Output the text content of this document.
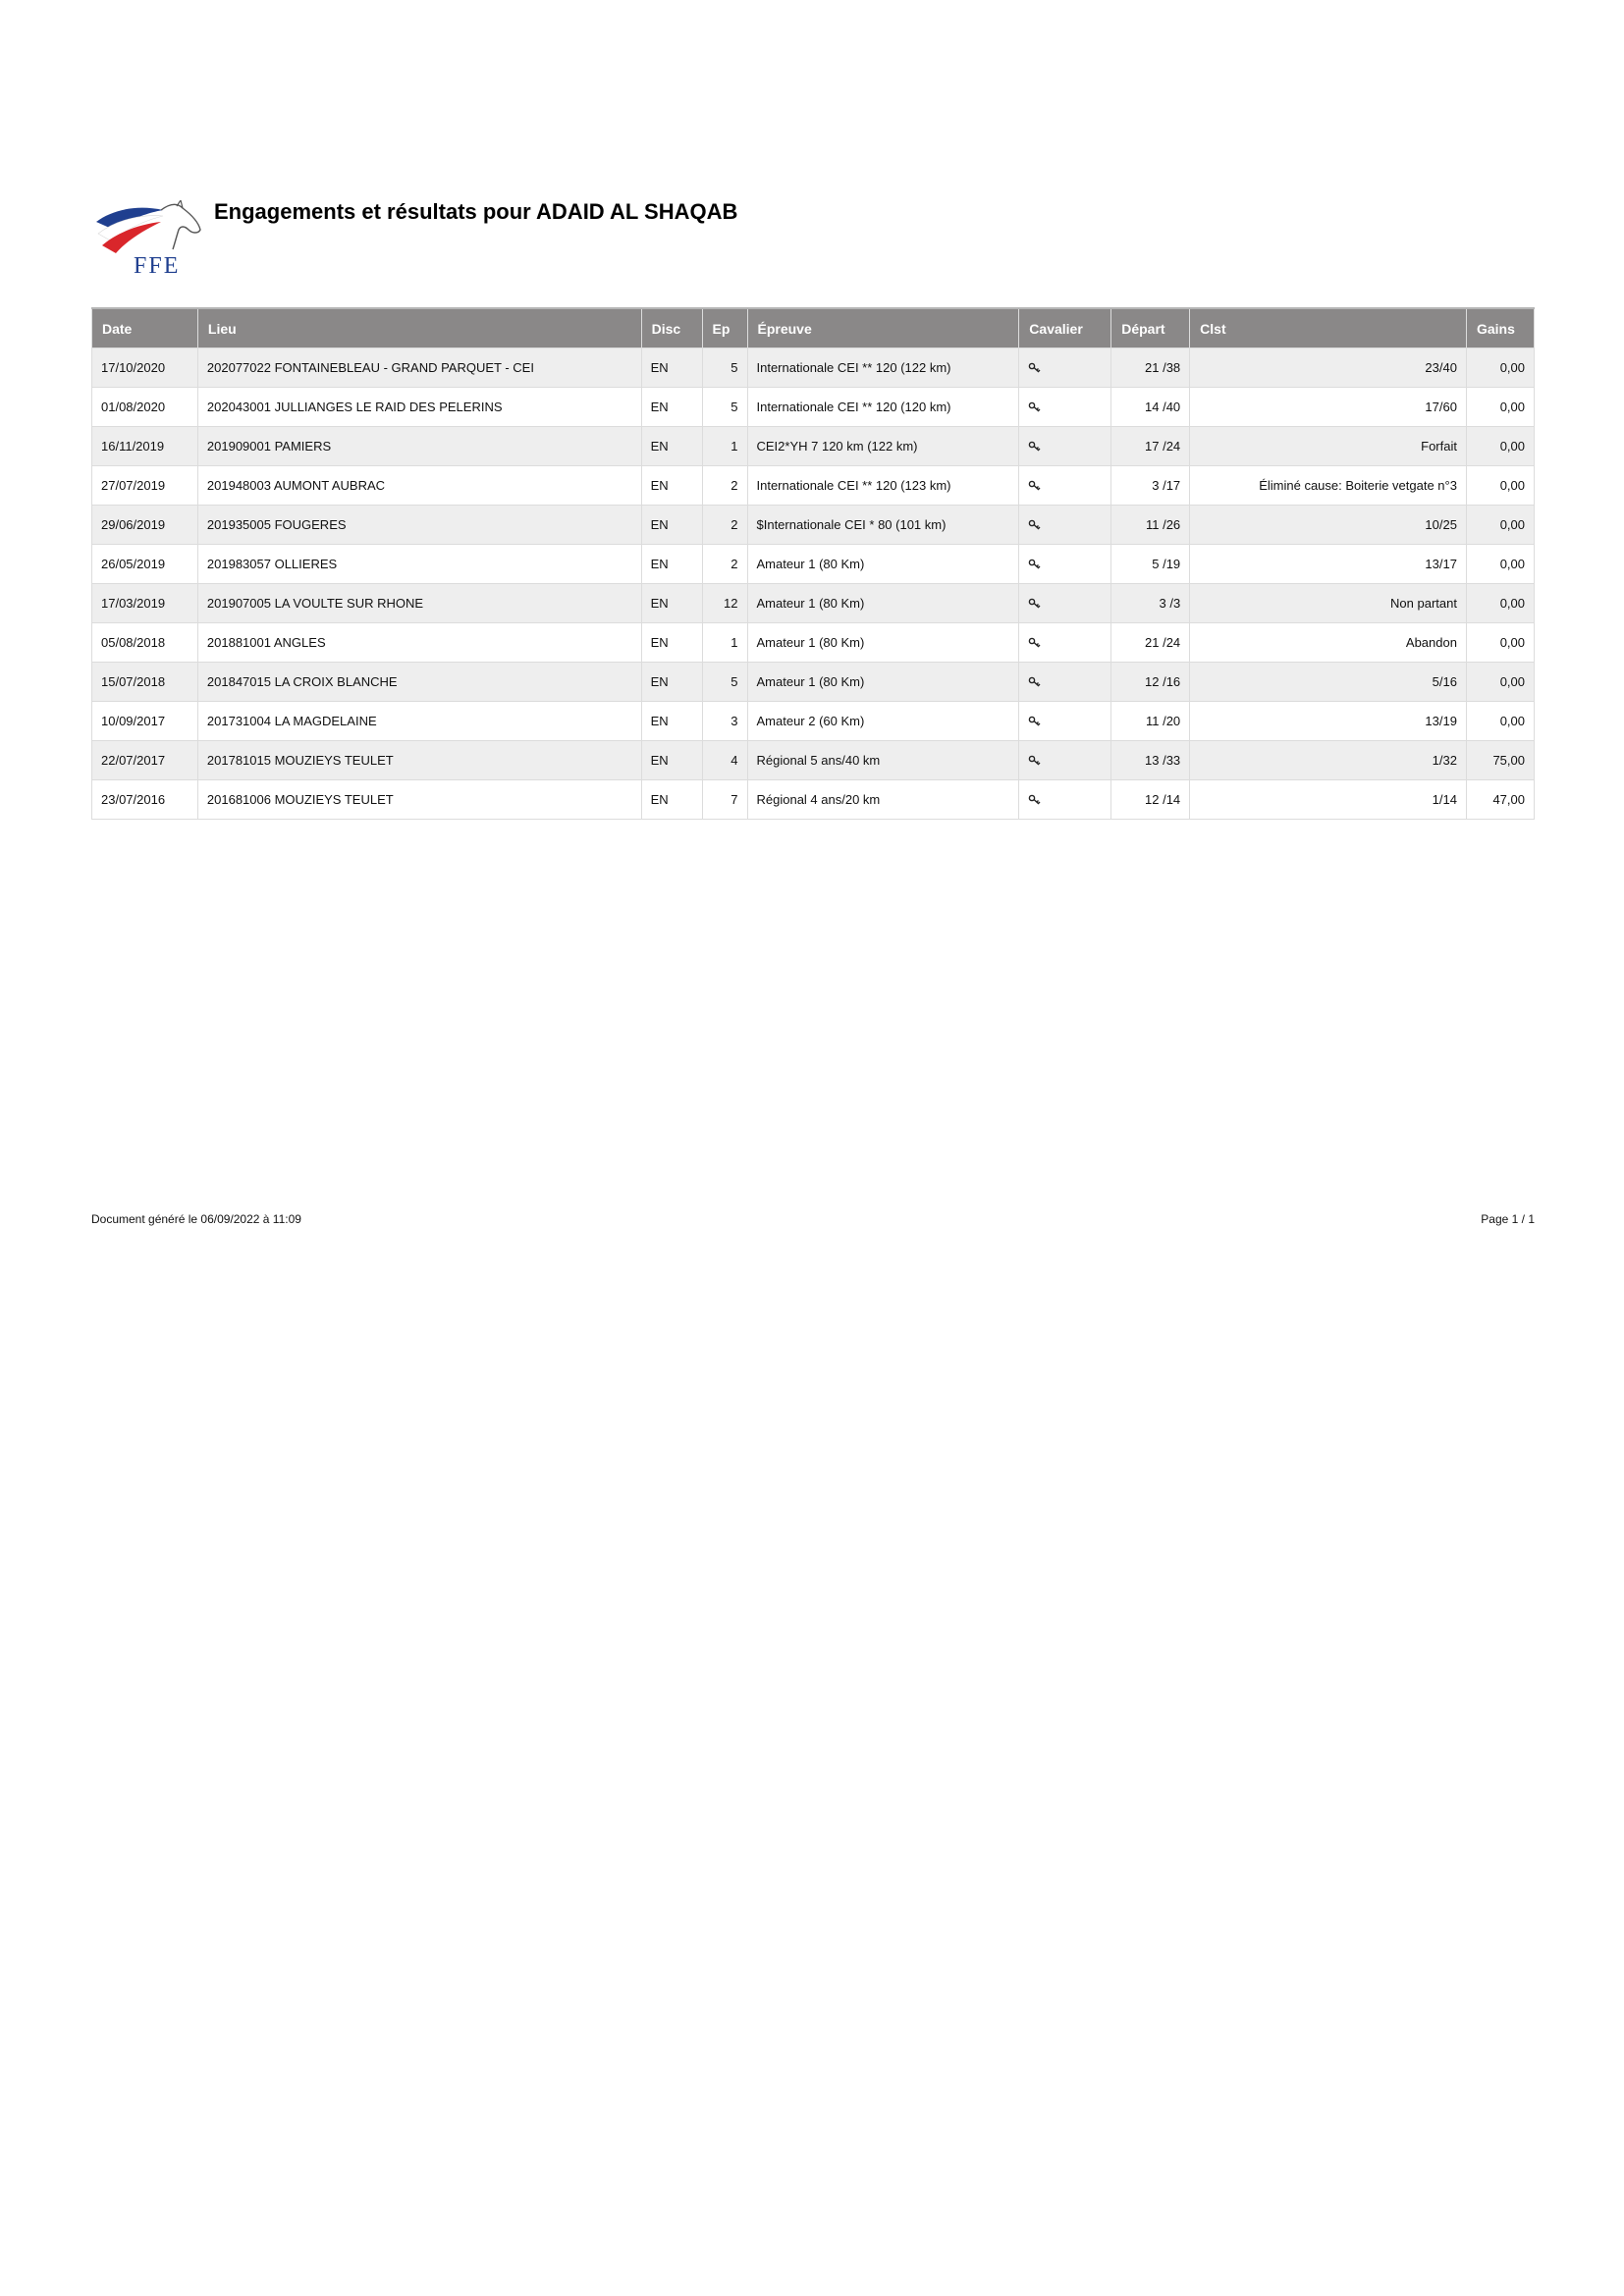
FFE
Engagements et résultats pour ADAID AL SHAQAB
Date	Lieu	Disc	Ep	Épreuve	Cavalier	Départ	Clst	Gains
17/10/2020	202077022 FONTAINEBLEAU - GRAND PARQUET - CEI	EN	5	Internationale CEI ** 120 (122 km)		21 /38	23/40	0,00
01/08/2020	202043001 JULLIANGES LE RAID DES PELERINS	EN	5	Internationale CEI ** 120 (120 km)		14 /40	17/60	0,00
16/11/2019	201909001 PAMIERS	EN	1	CEI2*YH 7 120 km (122 km)		17 /24	Forfait	0,00
27/07/2019	201948003 AUMONT AUBRAC	EN	2	Internationale CEI ** 120 (123 km)		3 /17	Éliminé cause: Boiterie vetgate n°3	0,00
29/06/2019	201935005 FOUGERES	EN	2	$Internationale CEI * 80 (101 km)		11 /26	10/25	0,00
26/05/2019	201983057 OLLIERES	EN	2	Amateur 1 (80 Km)		5 /19	13/17	0,00
17/03/2019	201907005 LA VOULTE SUR RHONE	EN	12	Amateur 1 (80 Km)		3 /3	Non partant	0,00
05/08/2018	201881001 ANGLES	EN	1	Amateur 1 (80 Km)		21 /24	Abandon	0,00
15/07/2018	201847015 LA CROIX BLANCHE	EN	5	Amateur 1 (80 Km)		12 /16	5/16	0,00
10/09/2017	201731004 LA MAGDELAINE	EN	3	Amateur 2 (60 Km)		11 /20	13/19	0,00
22/07/2017	201781015 MOUZIEYS TEULET	EN	4	Régional 5 ans/40 km		13 /33	1/32	75,00
23/07/2016	201681006 MOUZIEYS TEULET	EN	7	Régional 4 ans/20 km		12 /14	1/14	47,00
Document généré le 06/09/2022 à 11:09	Page 1 / 1
